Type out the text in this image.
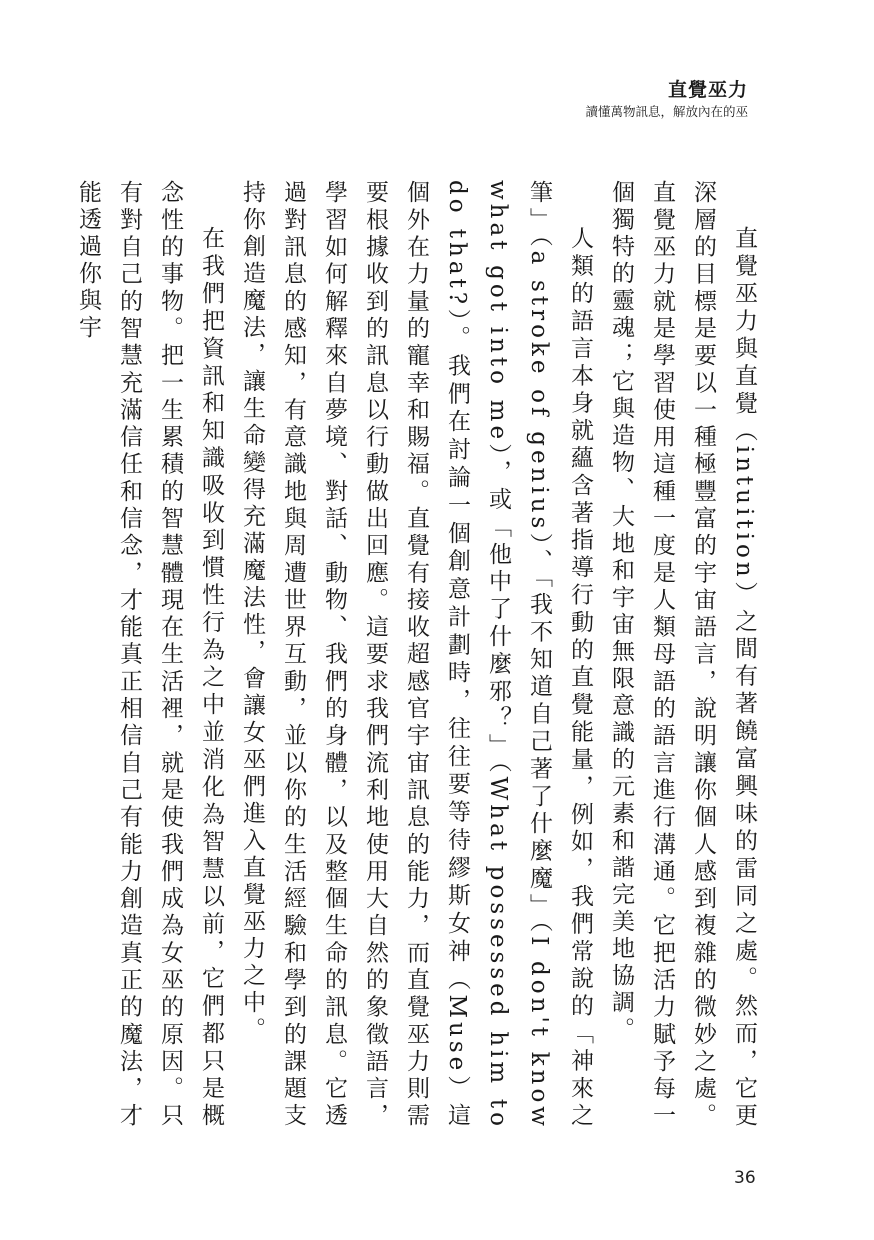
直覺巫力
讀懂萬物訊息，解放內在的巫

直覺巫力與直覺（intuition）之間有著饒富興味的雷同之處。然而，它更深層的目標是要以一種極豐富的宇宙語言，說明讓你個人感到複雜的微妙之處。直覺巫力就是學習使用這種一度是人類母語的語言進行溝通。它把活力賦予每一個獨特的靈魂；它與造物、大地和宇宙無限意識的元素和諧完美地協調。

人類的語言本身就蘊含著指導行動的直覺能量，例如，我們常說的「神來之筆」（a stroke of genius）、「我不知道自己著了什麼魔」（I don't know what got into me），或「他中了什麼邪？」（What possessed him to do that?）。我們在討論一個創意計劃時，往往要等待繆斯女神（Muse）這個外在力量的寵幸和賜福。直覺有接收超感官宇宙訊息的能力，而直覺巫力則需要根據收到的訊息以行動做出回應。這要求我們流利地使用大自然的象徵語言，學習如何解釋來自夢境、對話、動物、我們的身體，以及整個生命的訊息。它透過對訊息的感知，有意識地與周遭世界互動，並以你的生活經驗和學到的課題支持你創造魔法，讓生命變得充滿魔法性，會讓女巫們進入直覺巫力之中。

在我們把資訊和知識吸收到慣性行為之中並消化為智慧以前，它們都只是概念性的事物。把一生累積的智慧體現在生活裡，就是使我們成為女巫的原因。只有對自己的智慧充滿信任和信念，才能真正相信自己有能力創造真正的魔法，才能透過你與宇

36
